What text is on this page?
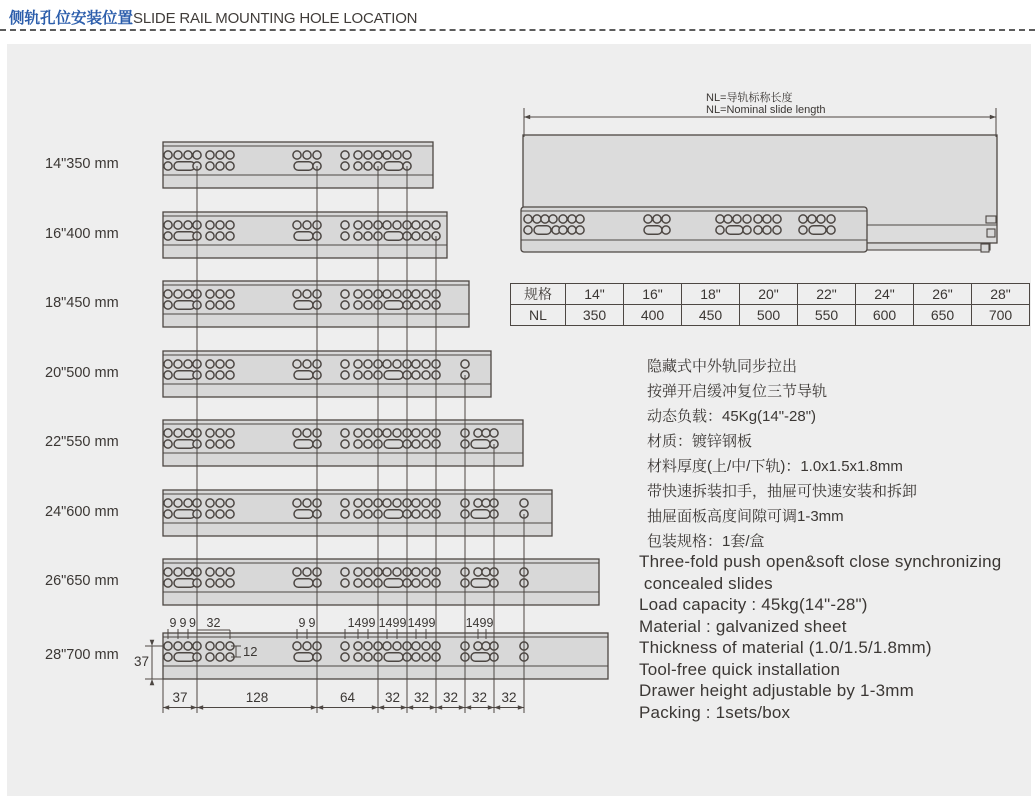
侧轨孔位安装位置SLIDE RAIL MOUNTING HOLE LOCATION
14"350 mm
16"400 mm
18"450 mm
20"500 mm
22"550 mm
24"600 mm
26"650 mm
28"700 mm
37	128	64 32 32 32 32 32
9 9 9 32	9 9	1499 1499 1499 1499
12
37
NL=导轨标称长度
NL=Nominal slide length
规格	14"	16"	18"	20"	22"	24"	26"	28"
NL	350	400	450	500	550	600	650	700
隐藏式中外轨同步拉出
按弹开启缓冲复位三节导轨
动态负载：45Kg(14"-28")
材质：镀锌钢板
材料厚度(上/中/下轨)：1.0x1.5x1.8mm
带快速拆装扣手，抽屉可快速安装和拆卸
抽屉面板高度间隙可调1-3mm
包装规格：1套/盒
Three-fold push open&soft close synchronizing
concealed slides
Load capacity : 45kg(14"-28")
Material : galvanized sheet
Thickness of material (1.0/1.5/1.8mm)
Tool-free quick installation
Drawer height adjustable by 1-3mm
Packing : 1sets/box
